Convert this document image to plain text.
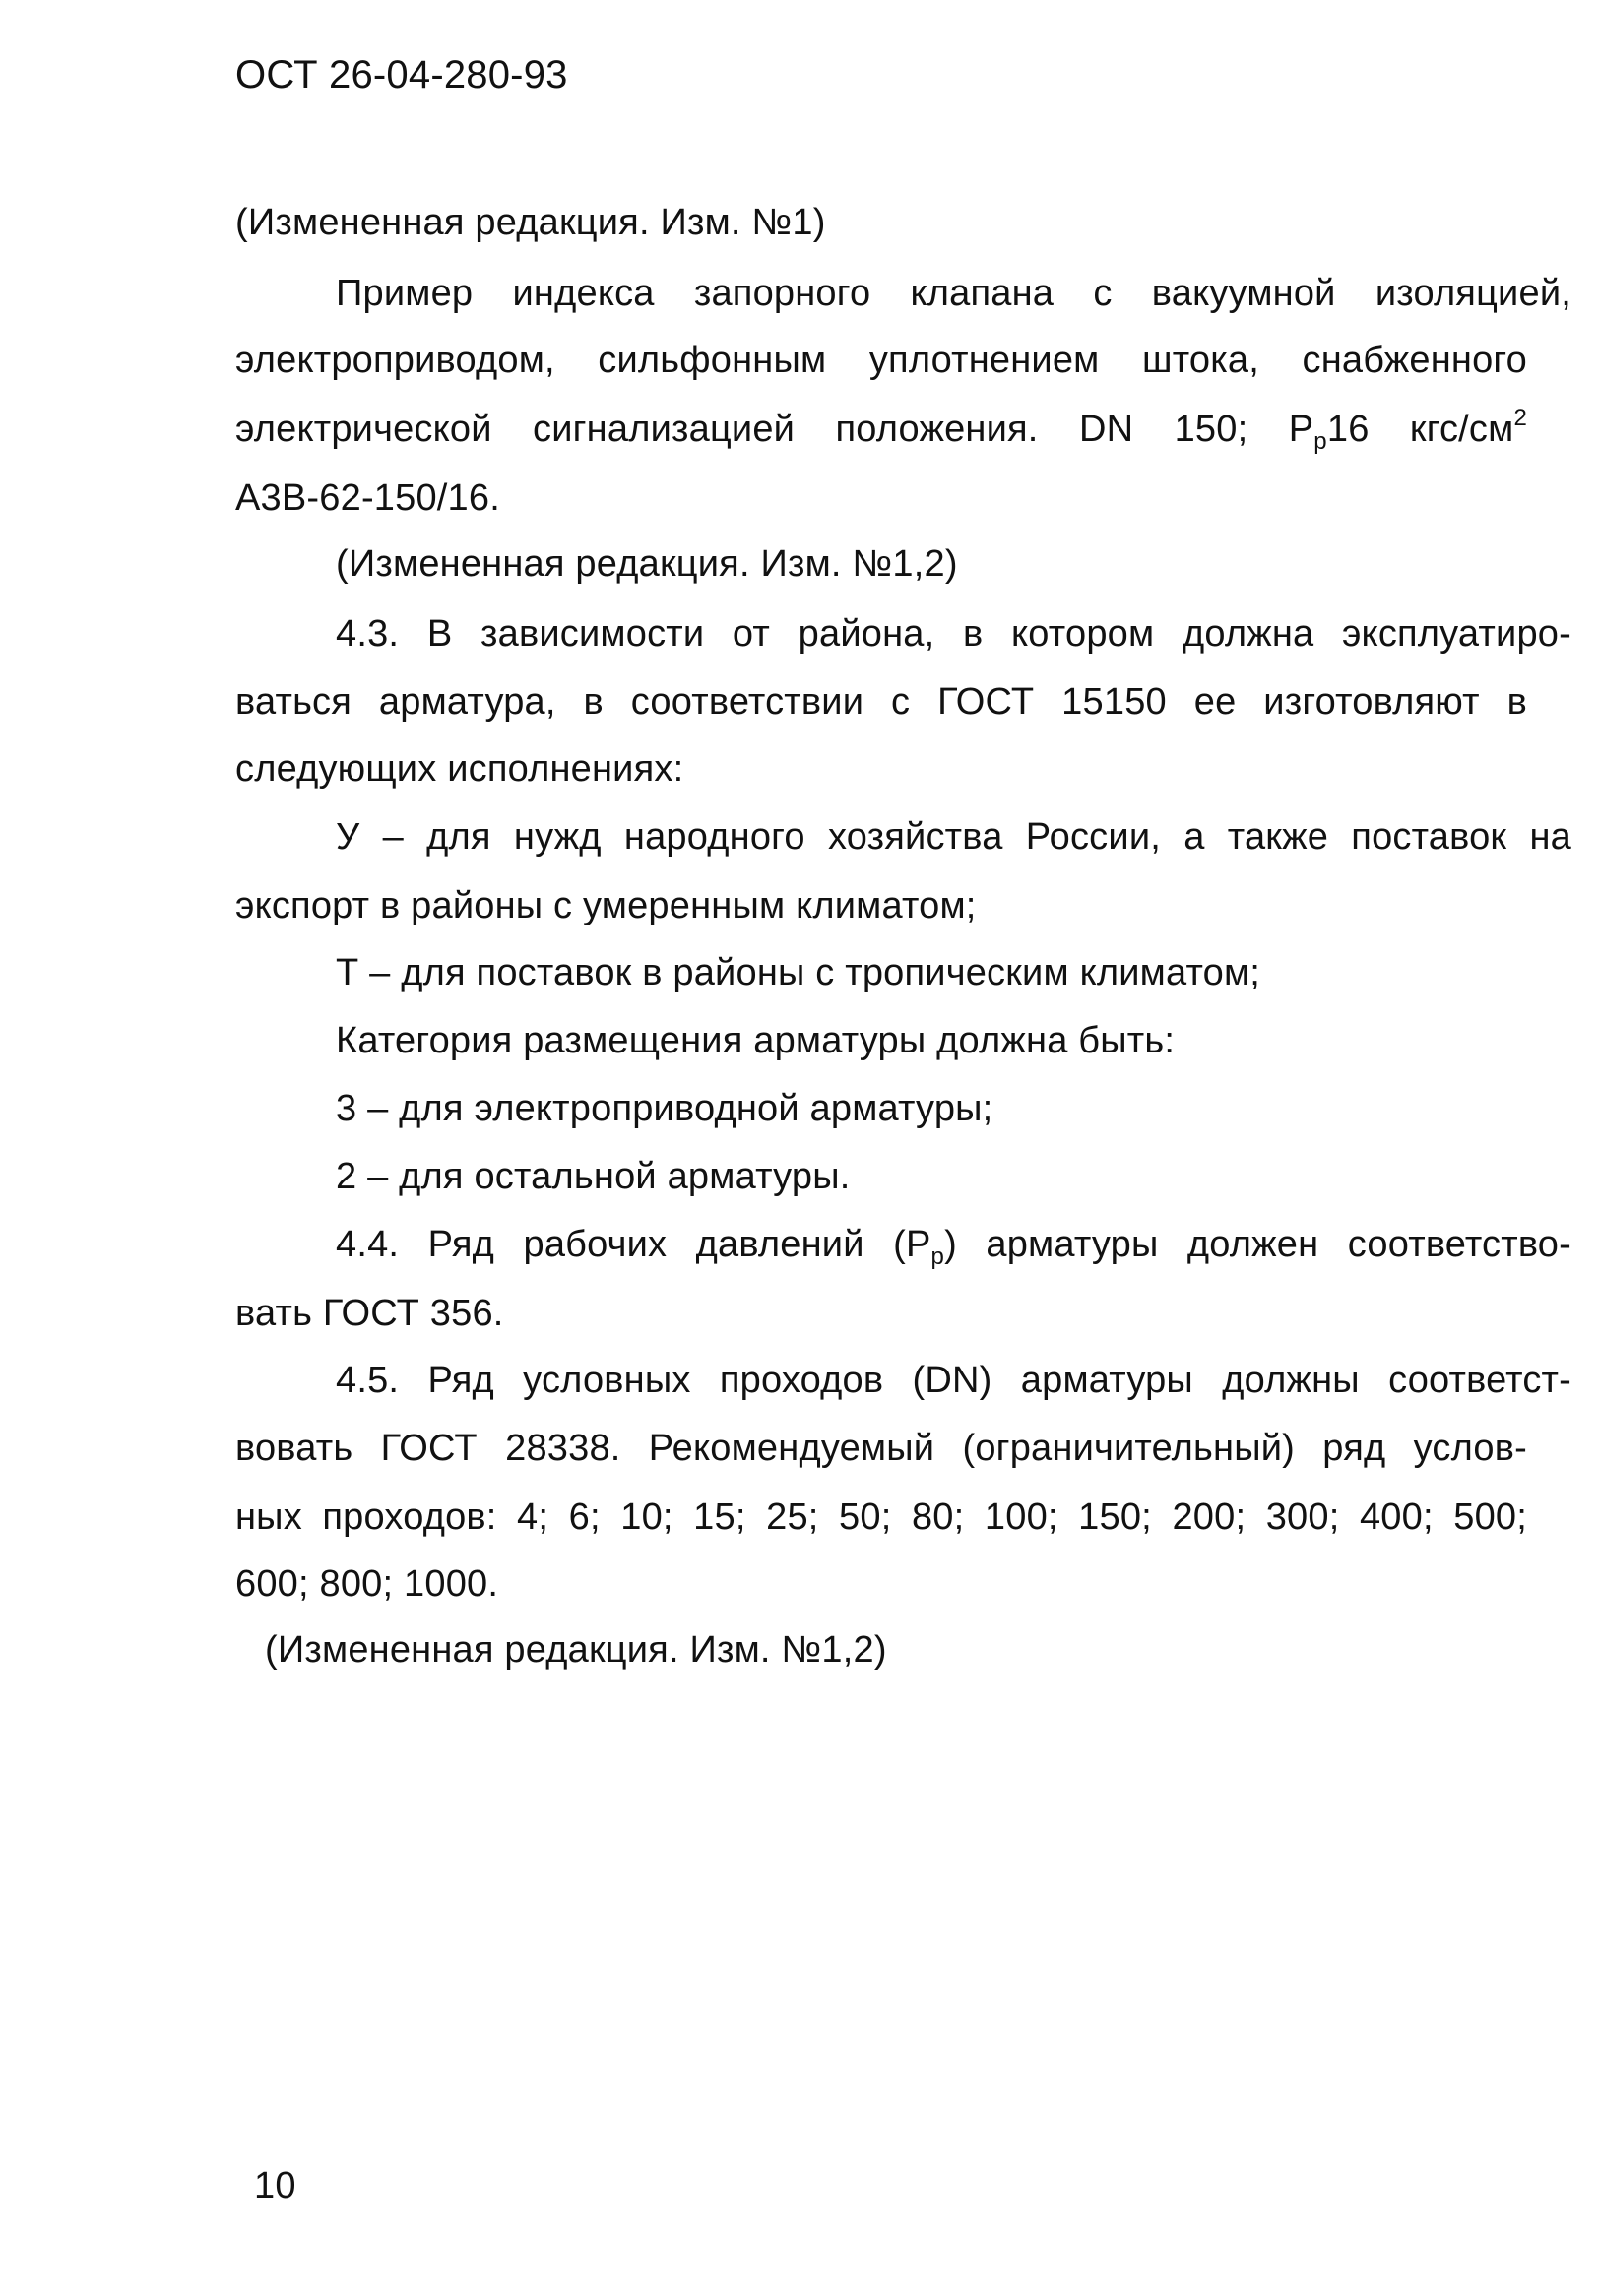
ОСТ 26-04-280-93
(Измененная редакция. Изм. №1)
Пример индекса запорного клапана с вакуумной изоляцией,
электроприводом, сильфонным уплотнением штока, снабженного
электрической сигнализацией положения. DN 150; $P_р16$ кгс/$см^2$
А3В-62-150/16.
(Измененная редакция. Изм. №1,2)
4.3. В зависимости от района, в котором должна эксплуатиро-
ваться арматура, в соответствии с ГОСТ 15150 ее изготовляют в
следующих исполнениях:
У – для нужд народного хозяйства России, а также поставок на
экспорт в районы с умеренным климатом;
Т – для поставок в районы с тропическим климатом;
Категория размещения арматуры должна быть:
3 – для электроприводной арматуры;
2 – для остальной арматуры.
4.4. Ряд рабочих давлений $(P_р)$ арматуры должен соответство-
вать ГОСТ 356.
4.5. Ряд условных проходов (DN) арматуры должны соответст-
вовать ГОСТ 28338. Рекомендуемый (ограничительный) ряд услов-
ных проходов: 4; 6; 10; 15; 25; 50; 80; 100; 150; 200; 300; 400; 500;
600; 800; 1000.
(Измененная редакция. Изм. №1,2)
10
